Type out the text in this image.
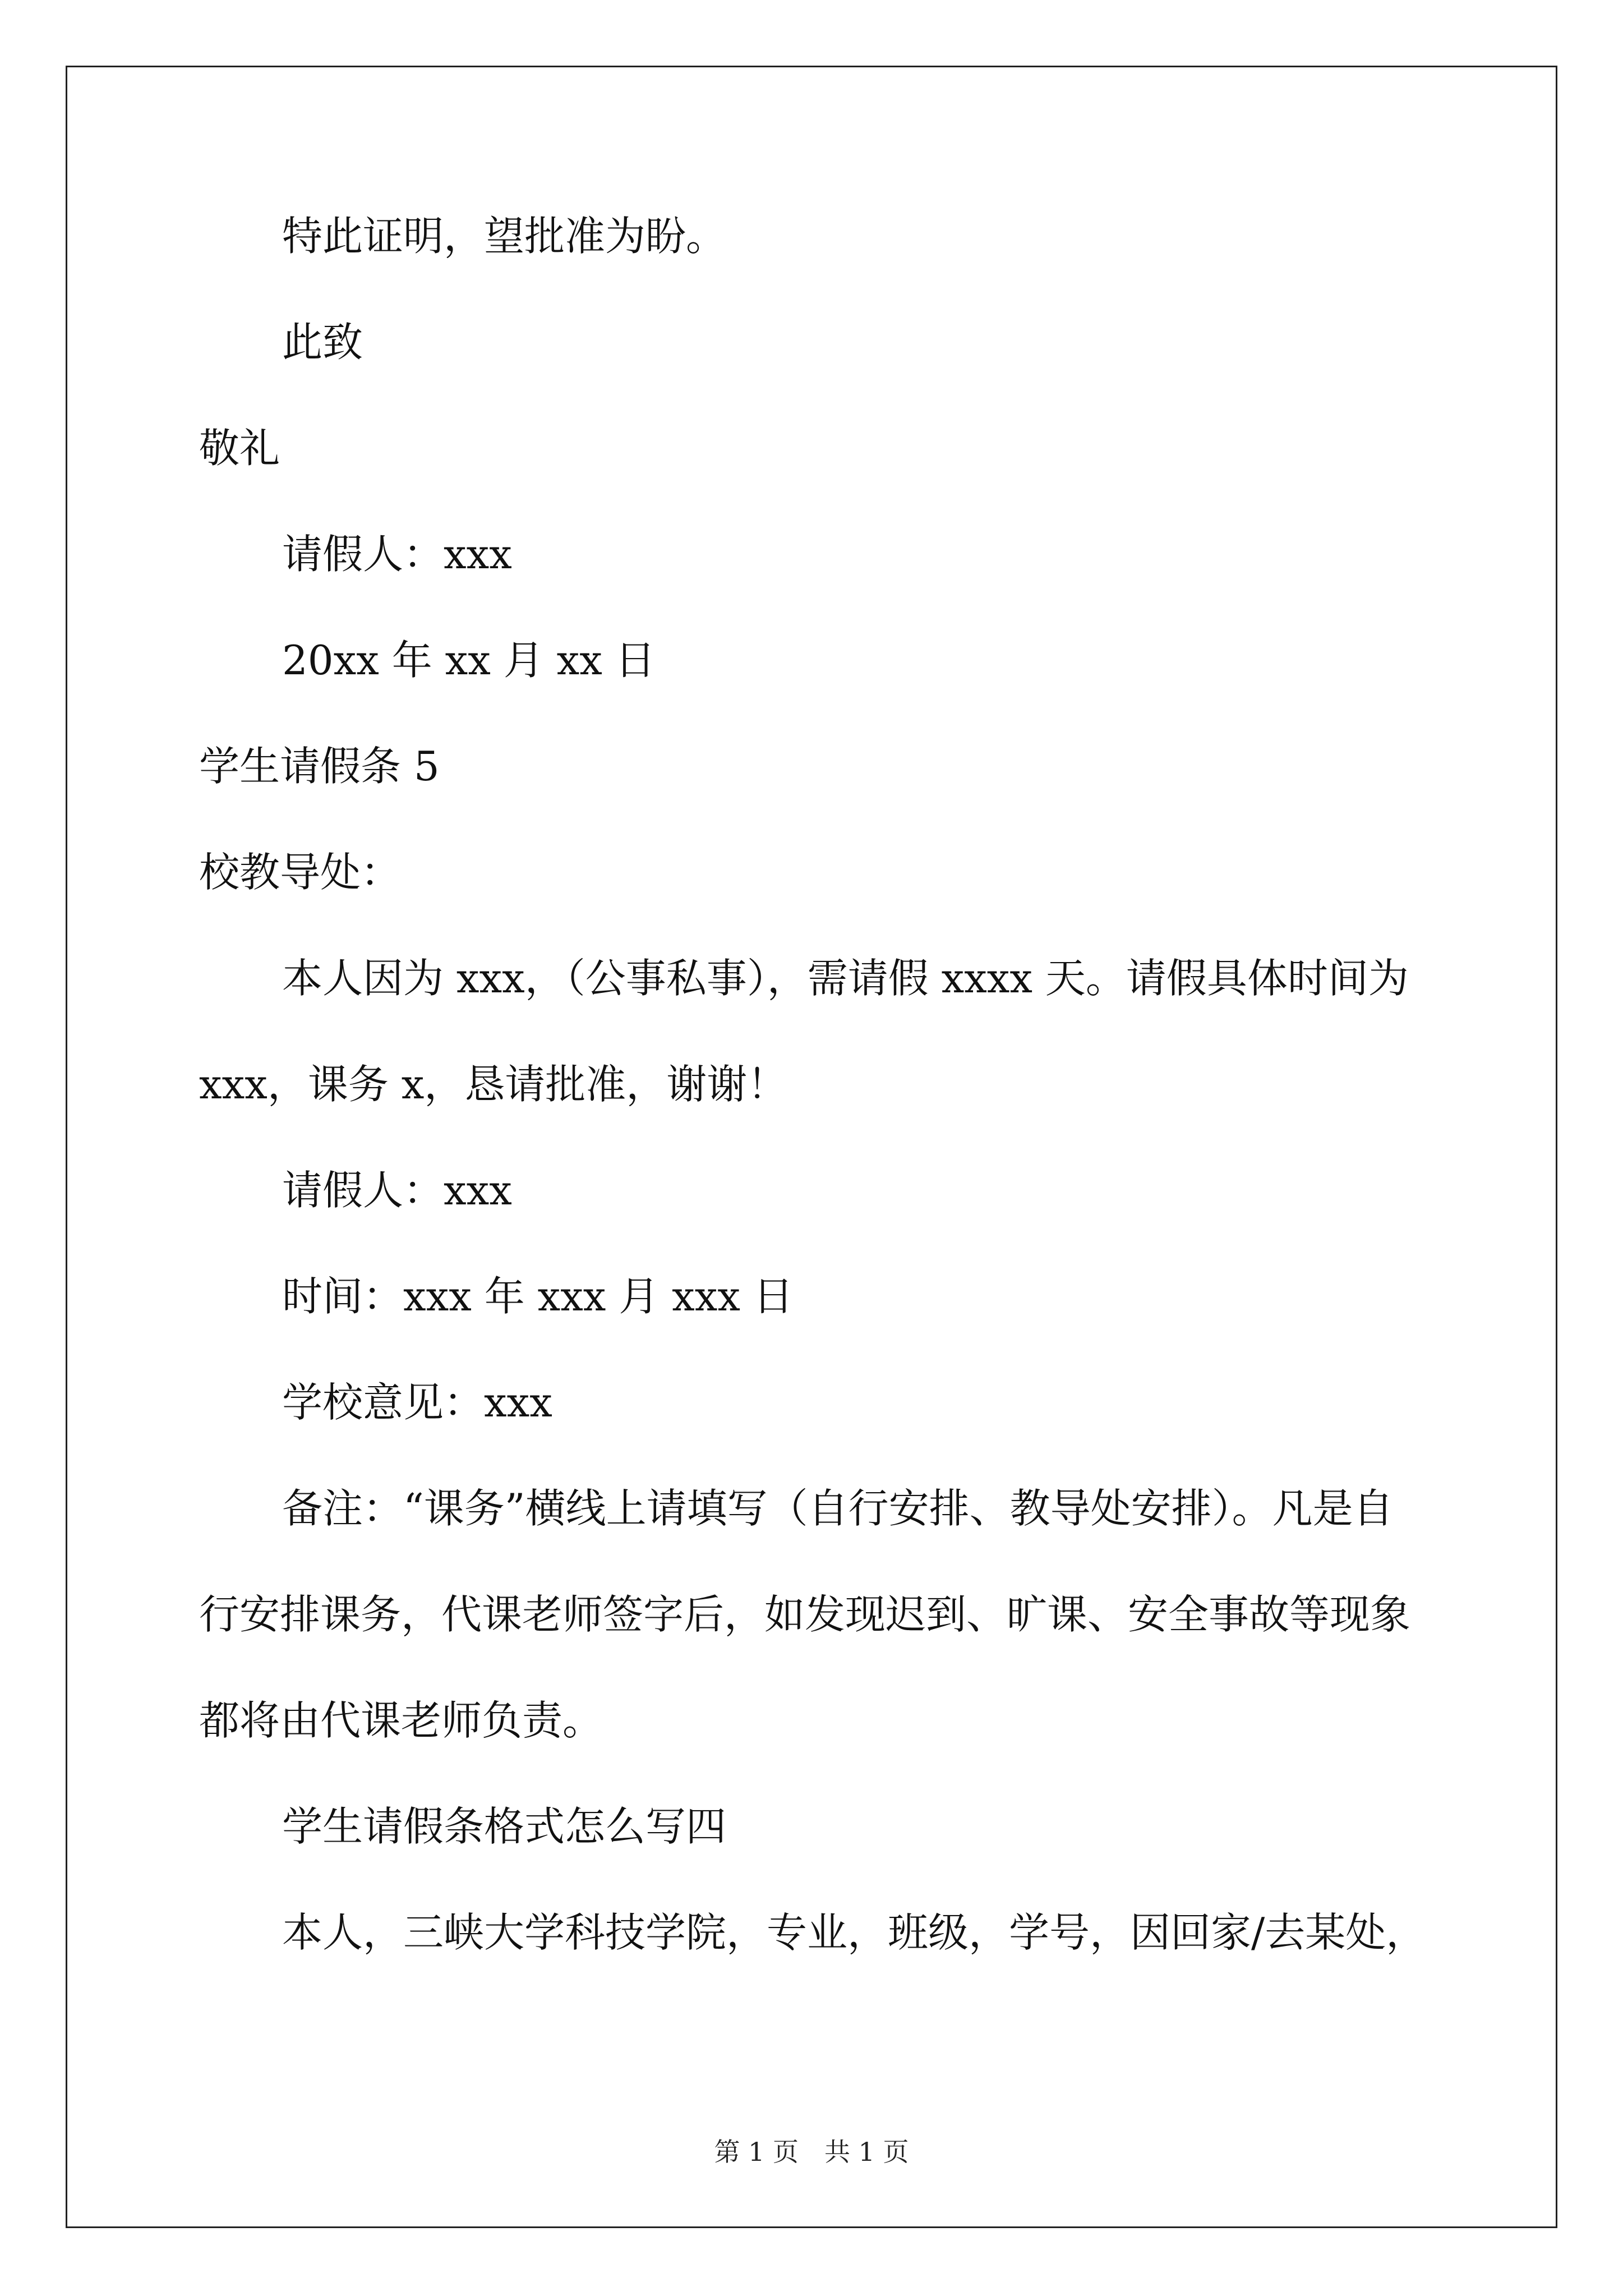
特此证明，望批准为盼。

此致

敬礼

请假人：xxx

20xx 年 xx 月 xx 日

学生请假条 5

校教导处：

本人因为 xxx，（公事私事），需请假 xxxx 天。请假具体时间为

xxx，课务 x，恳请批准，谢谢！

请假人：xxx

时间：xxx 年 xxx 月 xxx 日

学校意见：xxx

备注：“课务”横线上请填写（自行安排、教导处安排）。凡是自

行安排课务，代课老师签字后，如发现迟到、旷课、安全事故等现象

都将由代课老师负责。

学生请假条格式怎么写四

本人，三峡大学科技学院，专业，班级，学号，因回家/去某处，

第 1 页　共 1 页
